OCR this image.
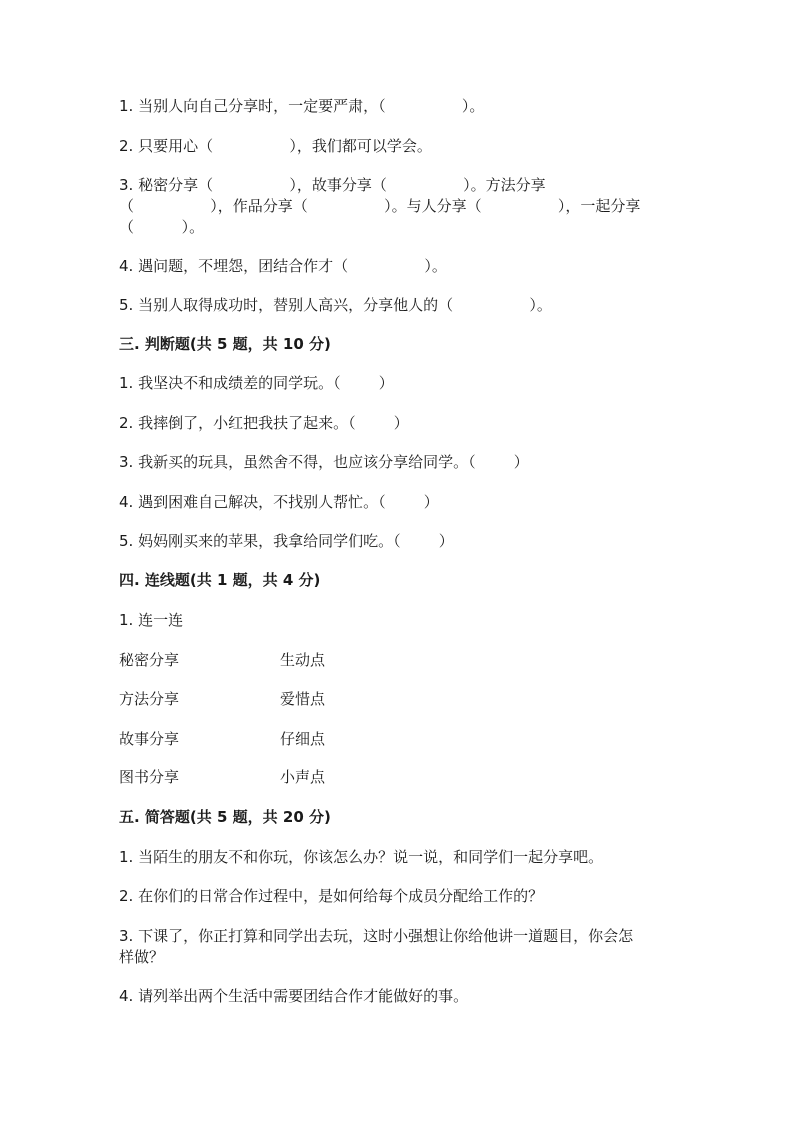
1. 当别人向自己分享时，一定要严肃，（                ）。
2. 只要用心（                ），我们都可以学会。
3. 秘密分享（                ），故事分享（                ）。方法分享
（                ），作品分享（                ）。与人分享（                ），一起分享
（          ）。
4. 遇问题，不埋怨，团结合作才（                ）。
5. 当别人取得成功时，替别人高兴，分享他人的（                ）。
三. 判断题(共 5 题，共 10 分)
1. 我坚决不和成绩差的同学玩。（        ）
2. 我摔倒了，小红把我扶了起来。（        ）
3. 我新买的玩具，虽然舍不得，也应该分享给同学。（        ）
4. 遇到困难自己解决，不找别人帮忙。（        ）
5. 妈妈刚买来的苹果，我拿给同学们吃。（        ）
四. 连线题(共 1 题，共 4 分)
1. 连一连
秘密分享	生动点
方法分享	爱惜点
故事分享	仔细点
图书分享	小声点
五. 简答题(共 5 题，共 20 分)
1. 当陌生的朋友不和你玩，你该怎么办？说一说，和同学们一起分享吧。
2. 在你们的日常合作过程中，是如何给每个成员分配给工作的？
3. 下课了，你正打算和同学出去玩，这时小强想让你给他讲一道题目，你会怎
样做？
4. 请列举出两个生活中需要团结合作才能做好的事。
